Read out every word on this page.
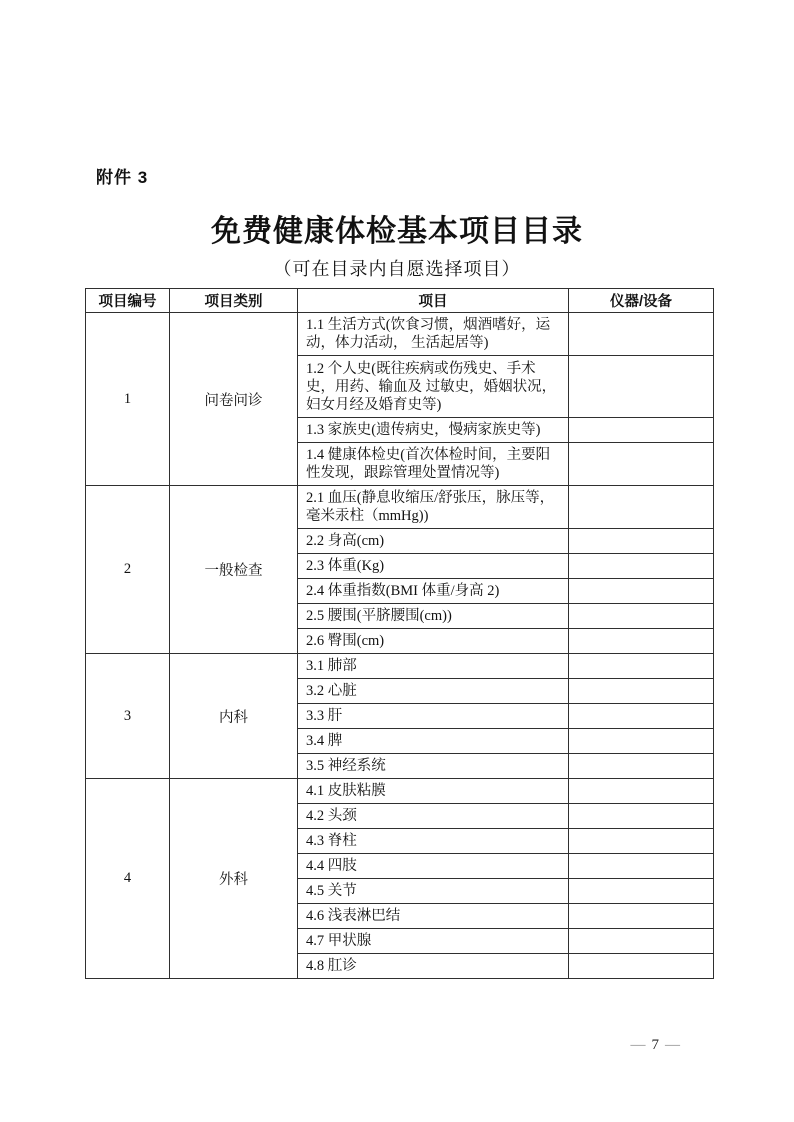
附件 3
免费健康体检基本项目目录
（可在目录内自愿选择项目）
项目编号	项目类别	项目	仪器/设备
1	问卷问诊	1.1 生活方式(饮食习惯，烟酒嗜好，运动，体力活动， 生活起居等)	
		1.2 个人史(既往疾病或伤残史、手术史，用药、输血及 过敏史，婚姻状况，妇女月经及婚育史等)	
		1.3 家族史(遗传病史，慢病家族史等)	
		1.4 健康体检史(首次体检时间，主要阳性发现，跟踪管理处置情况等)	
2	一般检查	2.1 血压(静息收缩压/舒张压，脉压等，毫米汞柱（mmHg))	
		2.2 身高(cm)	
		2.3 体重(Kg)	
		2.4 体重指数(BMI 体重/身高 2)	
		2.5 腰围(平脐腰围(cm))	
		2.6 臀围(cm)	
3	内科	3.1 肺部	
		3.2 心脏	
		3.3 肝	
		3.4 脾	
		3.5 神经系统	
4	外科	4.1 皮肤粘膜	
		4.2 头颈	
		4.3 脊柱	
		4.4 四肢	
		4.5 关节	
		4.6 浅表淋巴结	
		4.7 甲状腺	
		4.8 肛诊	
— 7 —
